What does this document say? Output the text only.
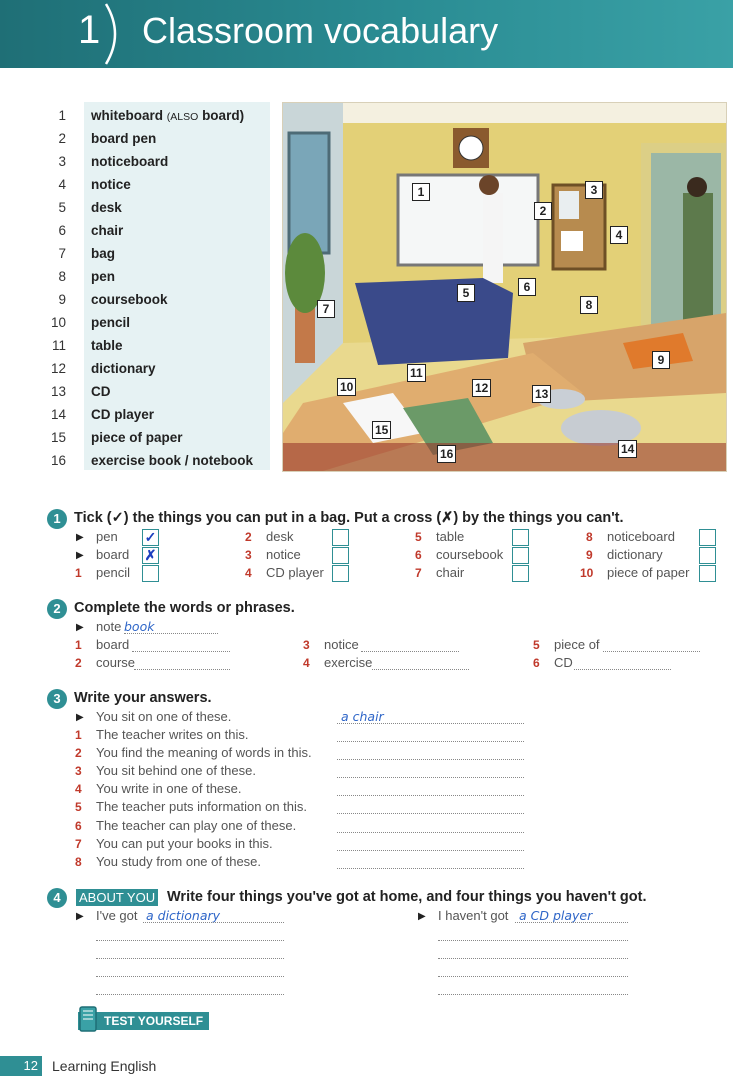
1 Classroom vocabulary
1 whiteboard (ALSO board)
2 board pen
3 noticeboard
4 notice
5 desk
6 chair
7 bag
8 pen
9 coursebook
10 pencil
11 table
12 dictionary
13 CD
14 CD player
15 piece of paper
16 exercise book / notebook
1
2
3
4
5	6
7	8
9
10
11
12	13
14
15
16
1 Tick (✓) the things you can put in a bag. Put a cross (✗) by the things you can't.
▶ pen ✓
▶ board ✗
1 pencil
2 desk
3 notice
4 CD player
5 table
6 coursebook
7 chair
8 noticeboard
9 dictionary
10 piece of paper
2 Complete the words or phrases.
▶ note book
1 board
2 course
3 notice
4 exercise
5 piece of
6 CD
3 Write your answers.
▶ You sit on one of these.	a chair
1 The teacher writes on this.
2 You find the meaning of words in this.
3 You sit behind one of these.
4 You write in one of these.
5 The teacher puts information on this.
6 The teacher can play one of these.
7 You can put your books in this.
8 You study from one of these.
4	ABOUT YOU Write four things you've got at home, and four things you haven't got.
▶ I've got a dictionary	▶ I haven't got a CD player
TEST YOURSELF
12 Learning English
